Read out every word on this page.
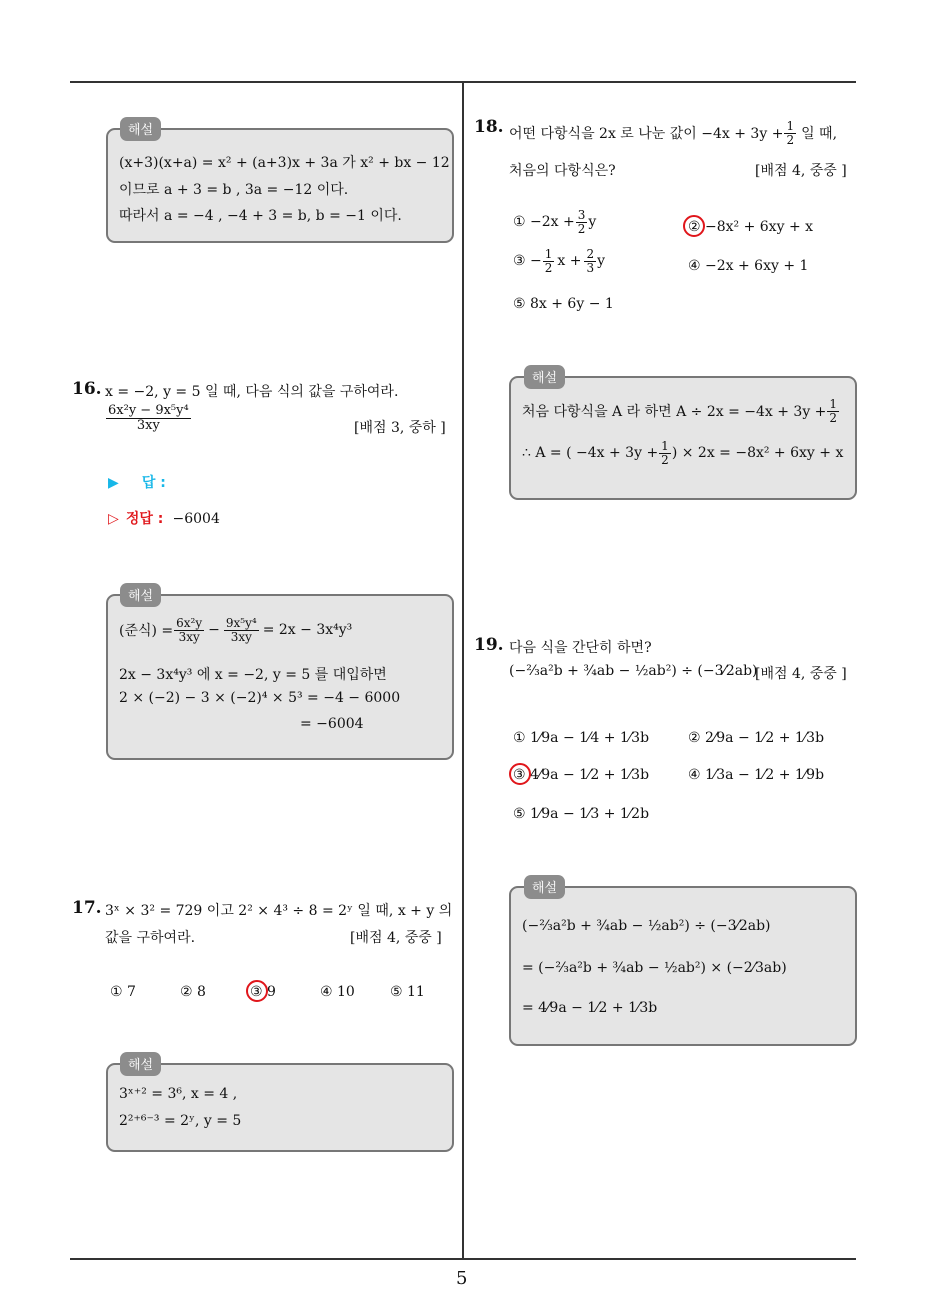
5
해설
(x+3)(x+a) = x² + (a+3)x + 3a 가 x² + bx − 12
이므로 a + 3 = b , 3a = −12 이다.
따라서 a = −4 , −4 + 3 = b, b = −1 이다.
16. x = −2, y = 5 일 때, 다음 식의 값을 구하여라.
$\frac{\text{6x²y − 9x⁵y⁴}}{3xy}$	[배점 3, 중하 ]
▶ 답 :
▷ 정답 : −6004
해설
(준식) = $\frac{\text{6x²y}}{3xy} - \frac{\text{9x⁵y⁴}}{3xy} = 2x - 3x^4y^3$
2x − 3x⁴y³ 에 x = −2, y = 5 를 대입하면
2 × (−2) − 3 × (−2)⁴ × 5³ = −4 − 6000
= −6004
17. 3ˣ × 3² = 729 이고 2² × 4³ ÷ 8 = 2ʸ 일 때, x + y 의
값을 구하여라.	[배점 4, 중중 ]
① 7	② 8	③ 9	④ 10	⑤ 11
해설
3ˣ⁺² = 3⁶, x = 4 ,
2²⁺⁶⁻³ = 2ʸ, y = 5
18. 어떤 다항식을 2x 로 나눈 값이 $-4x + 3y + \frac{1}{2}$ 일 때,
처음의 다항식은?	[배점 4, 중중 ]
① $-2x + \frac{3}{2}$ y	② −8x² + 6xy + x
③ − $\frac{1}{2}$ $x + \frac{2}{3}$ y	④ −2x + 6xy + 1
⑤ 8x + 6y − 1
해설
처음 다항식을 A 라 하면 $A \div 2x = -4x + 3y + \frac{1}{2}$
∴ A = ( $-4x + 3y + \frac{1}{2}$ ) × 2x = −8x² + 6xy + x
19. 다음 식을 간단히 하면?
(−⅔a²b + ¾ab − ½ab²) ÷ (−3⁄2ab)
[배점 4, 중중 ]
① 1⁄9a − 1⁄4 + 1⁄3b	② 2⁄9a − 1⁄2 + 1⁄3b
③ 4⁄9a − 1⁄2 + 1⁄3b	④ 1⁄3a − 1⁄2 + 1⁄9b
⑤ 1⁄9a − 1⁄3 + 1⁄2b
해설
(−⅔a²b + ¾ab − ½ab²) ÷ (−3⁄2ab)
= (−⅔a²b + ¾ab − ½ab²) × (−2⁄3ab)
= 4⁄9a − 1⁄2 + 1⁄3b
